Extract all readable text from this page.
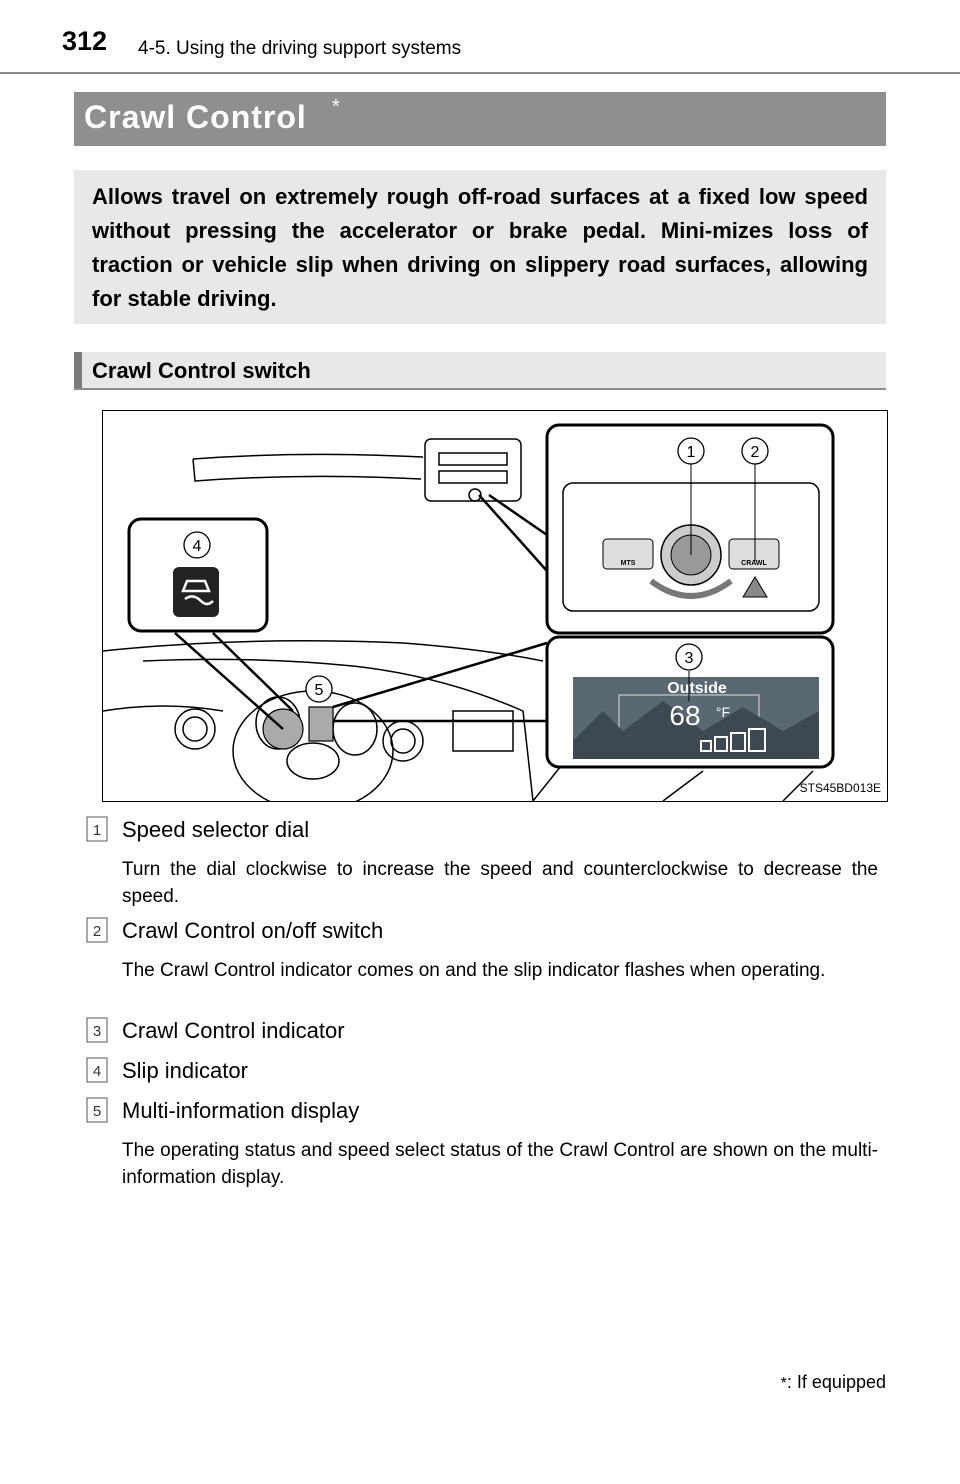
312 4-5. Using the driving support systems
Crawl Control *
Allows travel on extremely rough off-road surfaces at a fixed low speed without pressing the accelerator or brake pedal. Mini-mizes loss of traction or vehicle slip when driving on slippery road surfaces, allowing for stable driving.
Crawl Control switch
1	2
3
4
5
MTS	CRAWL
Outside
68 °F
STS45BD013E
1 Speed selector dial
Turn the dial clockwise to increase the speed and counterclockwise to decrease the speed.
2 Crawl Control on/off switch
The Crawl Control indicator comes on and the slip indicator flashes when operating.
3 Crawl Control indicator
4 Slip indicator
5 Multi-information display
The operating status and speed select status of the Crawl Control are shown on the multi-information display.
*: If equipped
